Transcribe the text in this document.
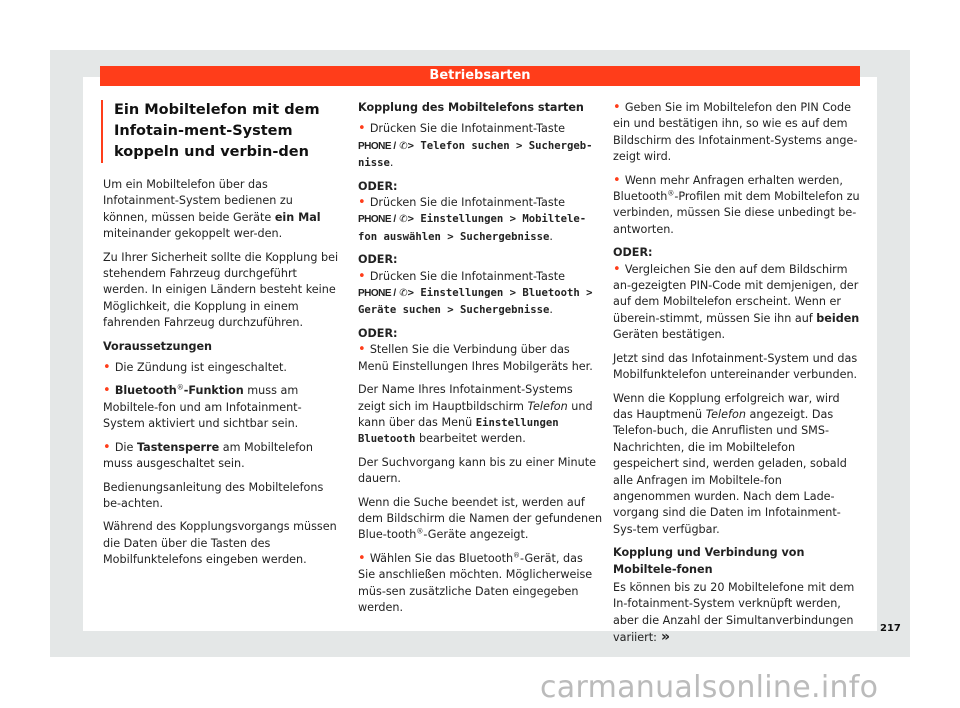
Betriebsarten
Ein Mobiltelefon mit dem Infotain-ment-System koppeln und verbin-den

Um ein Mobiltelefon über das Infotainment-System bedienen zu können, müssen beide Geräte ein Mal miteinander gekoppelt wer-den.

Zu Ihrer Sicherheit sollte die Kopplung bei stehendem Fahrzeug durchgeführt werden. In einigen Ländern besteht keine Möglichkeit, die Kopplung in einem fahrenden Fahrzeug durchzuführen.

Voraussetzungen

• Die Zündung ist eingeschaltet.

• Bluetooth®-Funktion muss am Mobiltele-fon und am Infotainment-System aktiviert und sichtbar sein.

• Die Tastensperre am Mobiltelefon muss ausgeschaltet sein.

Bedienungsanleitung des Mobiltelefons be-achten.

Während des Kopplungsvorgangs müssen die Daten über die Tasten des Mobilfunktelefons eingeben werden.

Kopplung des Mobiltelefons starten

• Drücken Sie die Infotainment-Taste
PHONE / ✆> Telefon suchen > Suchergeb-nisse.

ODER:

• Drücken Sie die Infotainment-Taste
PHONE / ✆> Einstellungen > Mobiltele-fon auswählen > Suchergebnisse.

ODER:

• Drücken Sie die Infotainment-Taste
PHONE / ✆> Einstellungen > Bluetooth > Geräte suchen > Suchergebnisse.

ODER:

• Stellen Sie die Verbindung über das Menü Einstellungen Ihres Mobilgeräts her.

Der Name Ihres Infotainment-Systems zeigt sich im Hauptbildschirm Telefon und kann über das Menü Einstellungen Bluetooth bearbeitet werden.

Der Suchvorgang kann bis zu einer Minute dauern.

Wenn die Suche beendet ist, werden auf dem Bildschirm die Namen der gefundenen Blue-tooth®-Geräte angezeigt.

• Wählen Sie das Bluetooth®-Gerät, das Sie anschließen möchten. Möglicherweise müs-sen zusätzliche Daten eingegeben werden.

• Geben Sie im Mobiltelefon den PIN Code ein und bestätigen ihn, so wie es auf dem Bildschirm des Infotainment-Systems ange-zeigt wird.

• Wenn mehr Anfragen erhalten werden, Bluetooth®-Profilen mit dem Mobiltelefon zu verbinden, müssen Sie diese unbedingt be-antworten.

ODER:

• Vergleichen Sie den auf dem Bildschirm an-gezeigten PIN-Code mit demjenigen, der auf dem Mobiltelefon erscheint. Wenn er überein-stimmt, müssen Sie ihn auf beiden Geräten bestätigen.

Jetzt sind das Infotainment-System und das Mobilfunktelefon untereinander verbunden.

Wenn die Kopplung erfolgreich war, wird das Hauptmenü Telefon angezeigt. Das Telefon-buch, die Anruflisten und SMS- Nachrichten, die im Mobiltelefon gespeichert sind, werden geladen, sobald alle Anfragen im Mobiltele-fon angenommen wurden. Nach dem Lade-vorgang sind die Daten im Infotainment-Sys-tem verfügbar.

Kopplung und Verbindung von Mobiltele-fonen

Es können bis zu 20 Mobiltelefone mit dem In-fotainment-System verknüpft werden, aber die Anzahl der Simultanverbindungen variiert: »

217
carmanualsonline.info
